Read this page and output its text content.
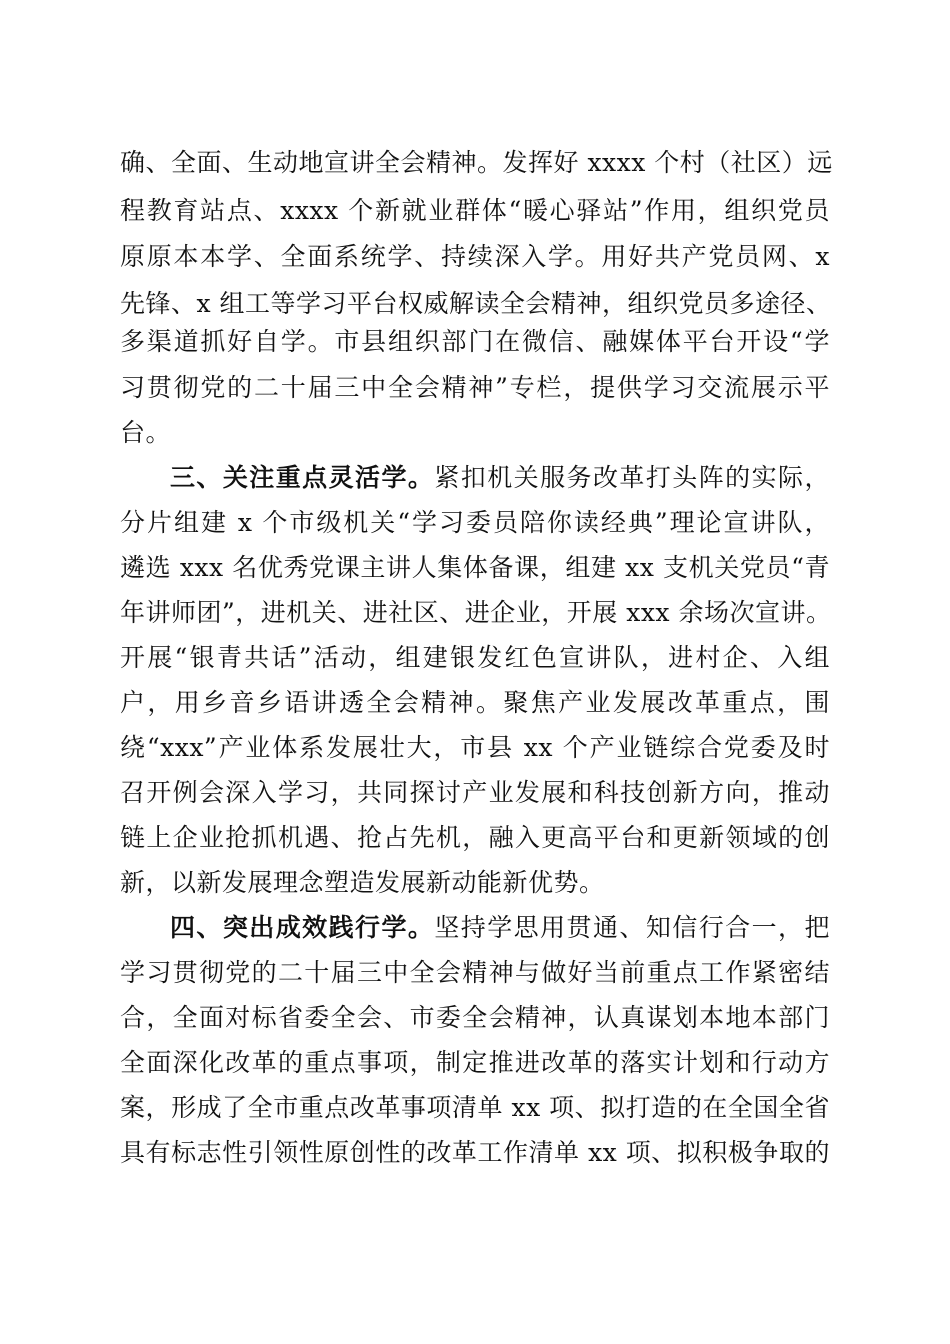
确、全面、生动地宣讲全会精神。发挥好 xxxx 个村（社区）远
程教育站点、xxxx 个新就业群体“暖心驿站”作用，组织党员
原原本本学、全面系统学、持续深入学。用好共产党员网、x
先锋、x 组工等学习平台权威解读全会精神，组织党员多途径、
多渠道抓好自学。市县组织部门在微信、融媒体平台开设“学
习贯彻党的二十届三中全会精神”专栏，提供学习交流展示平
台。
三、关注重点灵活学。紧扣机关服务改革打头阵的实际，
分片组建 x 个市级机关“学习委员陪你读经典”理论宣讲队，
遴选 xxx 名优秀党课主讲人集体备课，组建 xx 支机关党员“青
年讲师团”，进机关、进社区、进企业，开展 xxx 余场次宣讲。
开展“银青共话”活动，组建银发红色宣讲队，进村企、入组
户，用乡音乡语讲透全会精神。聚焦产业发展改革重点，围
绕“xxx”产业体系发展壮大，市县 xx 个产业链综合党委及时
召开例会深入学习，共同探讨产业发展和科技创新方向，推动
链上企业抢抓机遇、抢占先机，融入更高平台和更新领域的创
新，以新发展理念塑造发展新动能新优势。
四、突出成效践行学。坚持学思用贯通、知信行合一，把
学习贯彻党的二十届三中全会精神与做好当前重点工作紧密结
合，全面对标省委全会、市委全会精神，认真谋划本地本部门
全面深化改革的重点事项，制定推进改革的落实计划和行动方
案，形成了全市重点改革事项清单 xx 项、拟打造的在全国全省
具有标志性引领性原创性的改革工作清单 xx 项、拟积极争取的
